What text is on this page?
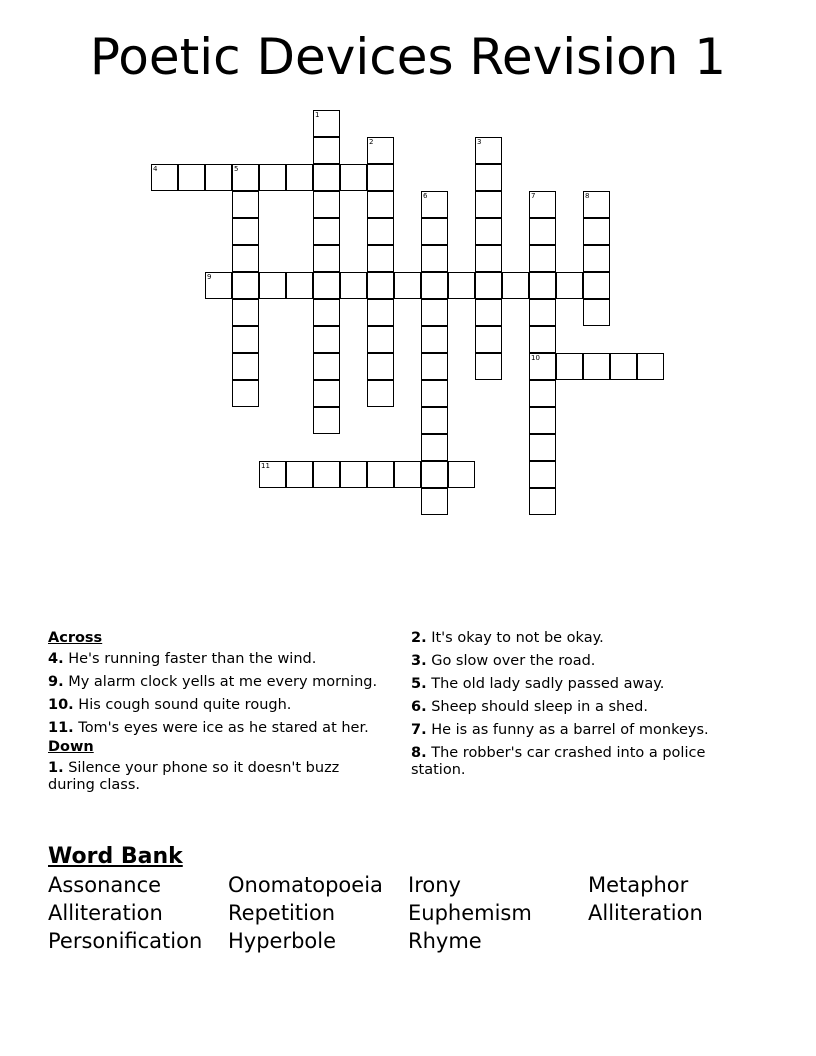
Poetic Devices Revision 1
1
2	3
4	5
6	7
10
8
9
11
Across
4. He's running faster than the wind.
9. My alarm clock yells at me every morning.
10. His cough sound quite rough.
11. Tom's eyes were ice as he stared at her.
Down
1. Silence your phone so it doesn't buzz during class.
2. It's okay to not be okay.
3. Go slow over the road.
5. The old lady sadly passed away.
6. Sheep should sleep in a shed.
7. He is as funny as a barrel of monkeys.
8. The robber's car crashed into a police station.
Word Bank
Assonance	Onomatopoeia	Irony	Metaphor
Alliteration	Repetition	Euphemism	Alliteration
Personification	Hyperbole	Rhyme
